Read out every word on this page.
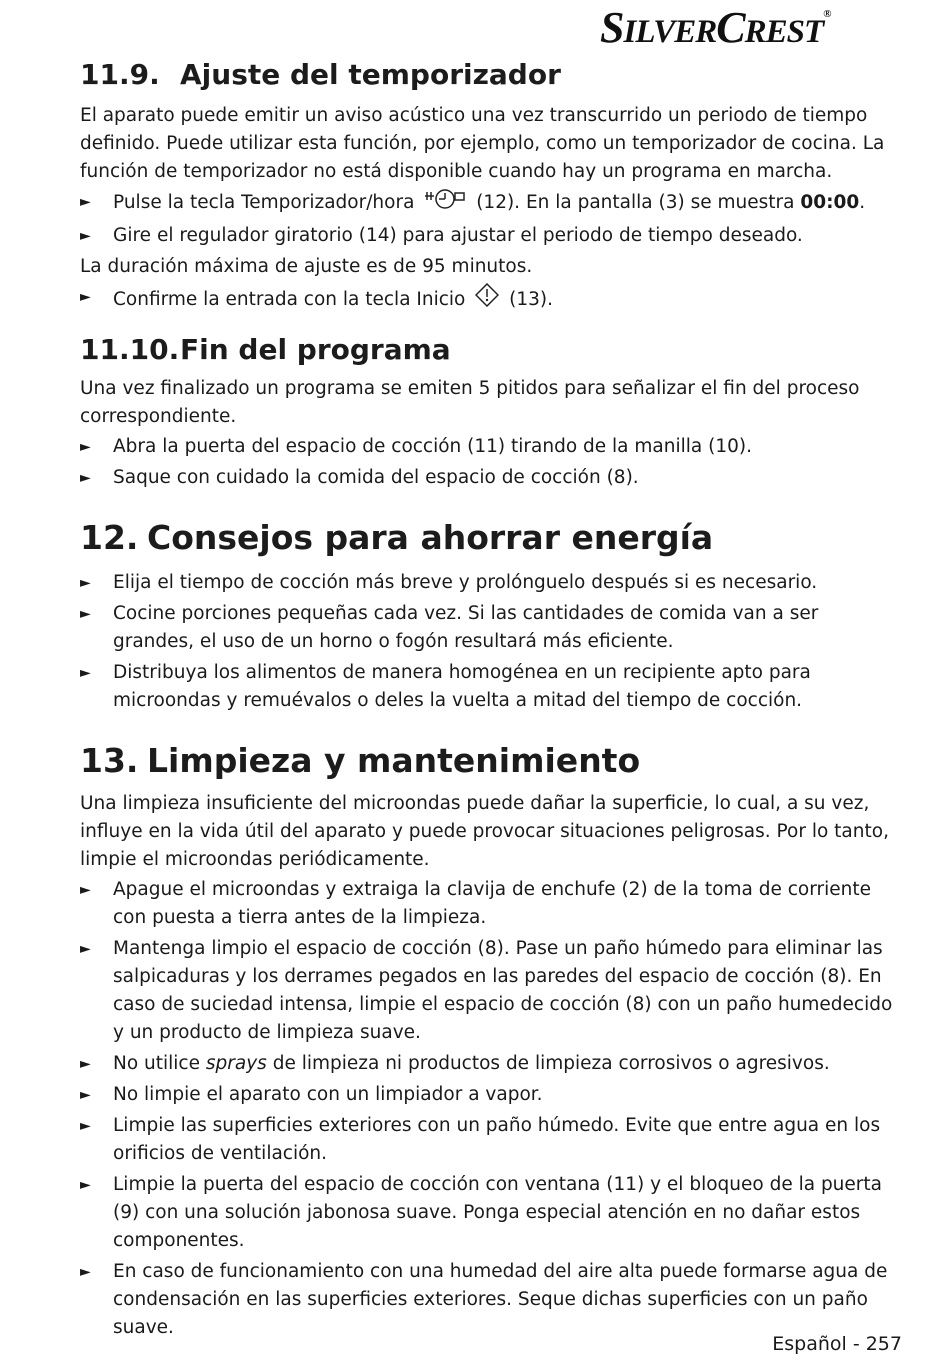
SILVERCREST®
11.9. Ajuste del temporizador

El aparato puede emitir un aviso acústico una vez transcurrido un periodo de tiempo definido. Puede utilizar esta función, por ejemplo, como un temporizador de cocina. La función de temporizador no está disponible cuando hay un programa en marcha.

► Pulse la tecla Temporizador/hora	(12). En la pantalla (3) se muestra 00:00.
► Gire el regulador giratorio (14) para ajustar el periodo de tiempo deseado.

La duración máxima de ajuste es de 95 minutos.

► Confirme la entrada con la tecla Inicio (13).
11.10. Fin del programa

Una vez finalizado un programa se emiten 5 pitidos para señalizar el fin del proceso correspondiente.

► Abra la puerta del espacio de cocción (11) tirando de la manilla (10).
► Saque con cuidado la comida del espacio de cocción (8).
12. Consejos para ahorrar energía
► Elija el tiempo de cocción más breve y prolónguelo después si es necesario.
► Cocine porciones pequeñas cada vez. Si las cantidades de comida van a ser grandes, el uso de un horno o fogón resultará más eficiente.
► Distribuya los alimentos de manera homogénea en un recipiente apto para microondas y remuévalos o deles la vuelta a mitad del tiempo de cocción.
13. Limpieza y mantenimiento

Una limpieza insuficiente del microondas puede dañar la superficie, lo cual, a su vez, influye en la vida útil del aparato y puede provocar situaciones peligrosas. Por lo tanto, limpie el microondas periódicamente.

► Apague el microondas y extraiga la clavija de enchufe (2) de la toma de corriente con puesta a tierra antes de la limpieza.
► Mantenga limpio el espacio de cocción (8). Pase un paño húmedo para eliminar las salpicaduras y los derrames pegados en las paredes del espacio de cocción (8). En caso de suciedad intensa, limpie el espacio de cocción (8) con un paño humedecido y un producto de limpieza suave.
► No utilice sprays de limpieza ni productos de limpieza corrosivos o agresivos.
► No limpie el aparato con un limpiador a vapor.
► Limpie las superficies exteriores con un paño húmedo. Evite que entre agua en los orificios de ventilación.
► Limpie la puerta del espacio de cocción con ventana (11) y el bloqueo de la puerta (9) con una solución jabonosa suave. Ponga especial atención en no dañar estos componentes.
► En caso de funcionamiento con una humedad del aire alta puede formarse agua de condensación en las superficies exteriores. Seque dichas superficies con un paño suave.
Español - 257
